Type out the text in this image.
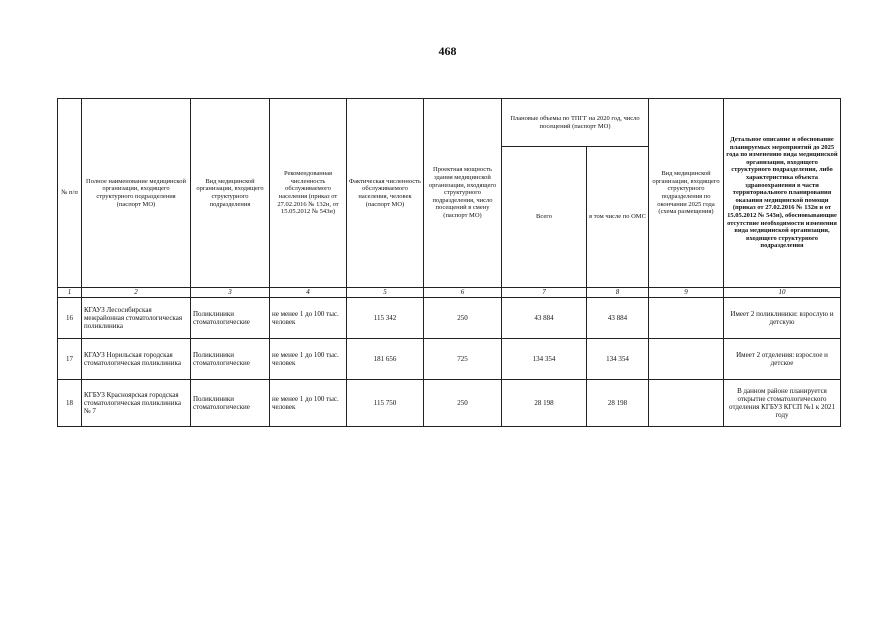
468
№ п/п	Полное наименование медицинской организации, входящего структурного подразделения (паспорт МО)	Вид медицинской организации, входящего структурного подразделения	Рекомендованная численность обслуживаемого населения (приказ от 27.02.2016 № 132н, от 15.05.2012 № 543н)	Фактическая численность обслуживаемого населения, человек (паспорт МО)	Проектная мощность здания медицинской организации, входящего структурного подразделения, число посещений в смену (паспорт МО)	Плановые объемы по ТПГГ на 2020 год, число посещений (паспорт МО)		Вид медицинской организации, входящего структурного подразделения по окончании 2025 года (схема размещения)	Детальное описание и обоснование планируемых мероприятий до 2025 года по изменению вида медицинской организации, входящего структурного подразделения, либо характеристика объекта здравоохранения в части территориального планирования оказания медицинской помощи (приказ от 27.02.2016 № 132н и от 15.05.2012 № 543н), обосновывающие отсутствие необходимости изменения вида медицинской организации, входящего структурного подразделения
						Всего	в том числе по ОМС		
1	2	3	4	5	6	7	8	9	10
16	КГАУЗ Лесосибирская межрайонная стоматологическая поликлиника	Поликлиники стоматологические	не менее 1 до 100 тыс. человек	115 342	250	43 884	43 884		Имеет 2 поликлиники: взрослую и детскую
17	КГАУЗ Норильская городская стоматологическая поликлиника	Поликлиники стоматологические	не менее 1 до 100 тыс. человек	181 656	725	134 354	134 354		Имеет 2 отделения: взрослое и детское
18	КГБУЗ Красноярская городская стоматологическая поликлиника № 7	Поликлиники стоматологические	не менее 1 до 100 тыс. человек	115 750	250	28 198	28 198		В данном районе планируется открытие стоматологического отделения КГБУЗ КГСП №1 к 2021 году
